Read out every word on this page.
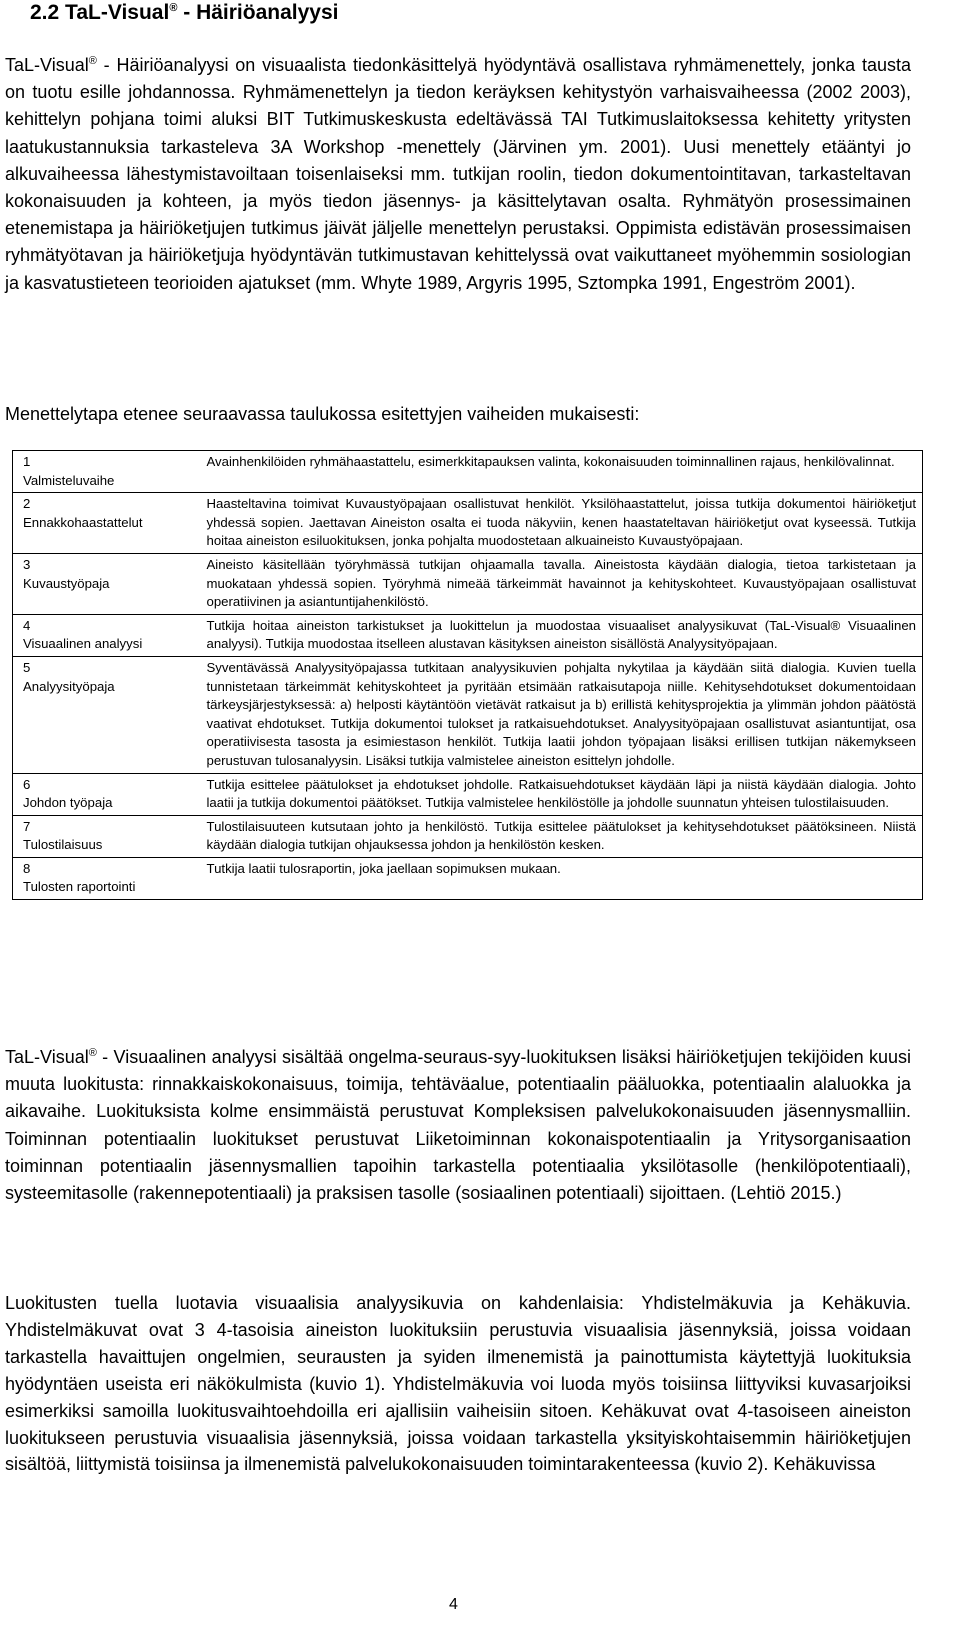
2.2 TaL-Visual® - Häiriöanalyysi

TaL-Visual® - Häiriöanalyysi on visuaalista tiedonkäsittelyä hyödyntävä osallistava ryhmämenettely, jonka tausta on tuotu esille johdannossa. Ryhmämenettelyn ja tiedon keräyksen kehitystyön varhaisvaiheessa (2002 2003), kehittelyn pohjana toimi aluksi BIT Tutkimuskeskusta edeltävässä TAI Tutkimuslaitoksessa kehitetty yritysten laatukustannuksia tarkasteleva 3A Workshop -menettely (Järvinen ym. 2001). Uusi menettely etääntyi jo alkuvaiheessa lähestymistavoiltaan toisenlaiseksi mm. tutkijan roolin, tiedon dokumentointitavan, tarkasteltavan kokonaisuuden ja kohteen, ja myös tiedon jäsennys- ja käsittelytavan osalta. Ryhmätyön prosessimainen etenemistapa ja häiriöketjujen tutkimus jäivät jäljelle menettelyn perustaksi. Oppimista edistävän prosessimaisen ryhmätyötavan ja häiriöketjuja hyödyntävän tutkimustavan kehittelyssä ovat vaikuttaneet myöhemmin sosiologian ja kasvatustieteen teorioiden ajatukset (mm. Whyte 1989, Argyris 1995, Sztompka 1991, Engeström 2001).

Menettelytapa etenee seuraavassa taulukossa esitettyjen vaiheiden mukaisesti:

1
Valmisteluvaihe	Avainhenkilöiden ryhmähaastattelu, esimerkkitapauksen valinta, kokonaisuuden toiminnallinen rajaus, henkilövalinnat.

2
Ennakkohaastattelut	Haasteltavina toimivat Kuvaustyöpajaan osallistuvat henkilöt. Yksilöhaastattelut, joissa tutkija dokumentoi häiriöketjut yhdessä sopien. Jaettavan Aineiston osalta ei tuoda näkyviin, kenen haastateltavan häiriöketjut ovat kyseessä. Tutkija hoitaa aineiston esiluokituksen, jonka pohjalta muodostetaan alkuaineisto Kuvaustyöpajaan.

3
Kuvaustyöpaja	Aineisto käsitellään työryhmässä tutkijan ohjaamalla tavalla. Aineistosta käydään dialogia, tietoa tarkistetaan ja muokataan yhdessä sopien. Työryhmä nimeää tärkeimmät havainnot ja kehityskohteet. Kuvaustyöpajaan osallistuvat operatiivinen ja asiantuntijahenkilöstö.

4
Visuaalinen analyysi	Tutkija hoitaa aineiston tarkistukset ja luokittelun ja muodostaa visuaaliset analyysikuvat (TaL-Visual® Visuaalinen analyysi). Tutkija muodostaa itselleen alustavan käsityksen aineiston sisällöstä Analyysityöpajaan.

5
Analyysityöpaja	Syventävässä Analyysityöpajassa tutkitaan analyysikuvien pohjalta nykytilaa ja käydään siitä dialogia. Kuvien tuella tunnistetaan tärkeimmät kehityskohteet ja pyritään etsimään ratkaisutapoja niille. Kehitysehdotukset dokumentoidaan tärkeysjärjestyksessä: a) helposti käytäntöön vietävät ratkaisut ja b) erillistä kehitysprojektia ja ylimmän johdon päätöstä vaativat ehdotukset. Tutkija dokumentoi tulokset ja ratkaisuehdotukset. Analyysityöpajaan osallistuvat asiantuntijat, osa operatiivisesta tasosta ja esimiestason henkilöt. Tutkija laatii johdon työpajaan lisäksi erillisen tutkijan näkemykseen perustuvan tulosanalyysin. Lisäksi tutkija valmistelee aineiston esittelyn johdolle.

6
Johdon työpaja	Tutkija esittelee päätulokset ja ehdotukset johdolle. Ratkaisuehdotukset käydään läpi ja niistä käydään dialogia. Johto laatii ja tutkija dokumentoi päätökset. Tutkija valmistelee henkilöstölle ja johdolle suunnatun yhteisen tulostilaisuuden.

7
Tulostilaisuus	Tulostilaisuuteen kutsutaan johto ja henkilöstö. Tutkija esittelee päätulokset ja kehitysehdotukset päätöksineen. Niistä käydään dialogia tutkijan ohjauksessa johdon ja henkilöstön kesken.

8
Tulosten raportointi	Tutkija laatii tulosraportin, joka jaellaan sopimuksen mukaan.

TaL-Visual® - Visuaalinen analyysi sisältää ongelma-seuraus-syy-luokituksen lisäksi häiriöketjujen tekijöiden kuusi muuta luokitusta: rinnakkaiskokonaisuus, toimija, tehtäväalue, potentiaalin pääluokka, potentiaalin alaluokka ja aikavaihe. Luokituksista kolme ensimmäistä perustuvat Kompleksisen palvelukokonaisuuden jäsennysmalliin. Toiminnan potentiaalin luokitukset perustuvat Liiketoiminnan kokonaispotentiaalin ja Yritysorganisaation toiminnan potentiaalin jäsennysmallien tapoihin tarkastella potentiaalia yksilötasolle (henkilöpotentiaali), systeemitasolle (rakennepotentiaali) ja praksisen tasolle (sosiaalinen potentiaali) sijoittaen. (Lehtiö 2015.)

Luokitusten tuella luotavia visuaalisia analyysikuvia on kahdenlaisia: Yhdistelmäkuvia ja Kehäkuvia. Yhdistelmäkuvat ovat 3 4-tasoisia aineiston luokituksiin perustuvia visuaalisia jäsennyksiä, joissa voidaan tarkastella havaittujen ongelmien, seurausten ja syiden ilmenemistä ja painottumista käytettyjä luokituksia hyödyntäen useista eri näkökulmista (kuvio 1). Yhdistelmäkuvia voi luoda myös toisiinsa liittyviksi kuvasarjoiksi esimerkiksi samoilla luokitusvaihtoehdoilla eri ajallisiin vaiheisiin sitoen. Kehäkuvat ovat 4-tasoiseen aineiston luokitukseen perustuvia visuaalisia jäsennyksiä, joissa voidaan tarkastella yksityiskohtaisemmin häiriöketjujen sisältöä, liittymistä toisiinsa ja ilmenemistä palvelukokonaisuuden toimintarakenteessa (kuvio 2). Kehäkuvissa

4
